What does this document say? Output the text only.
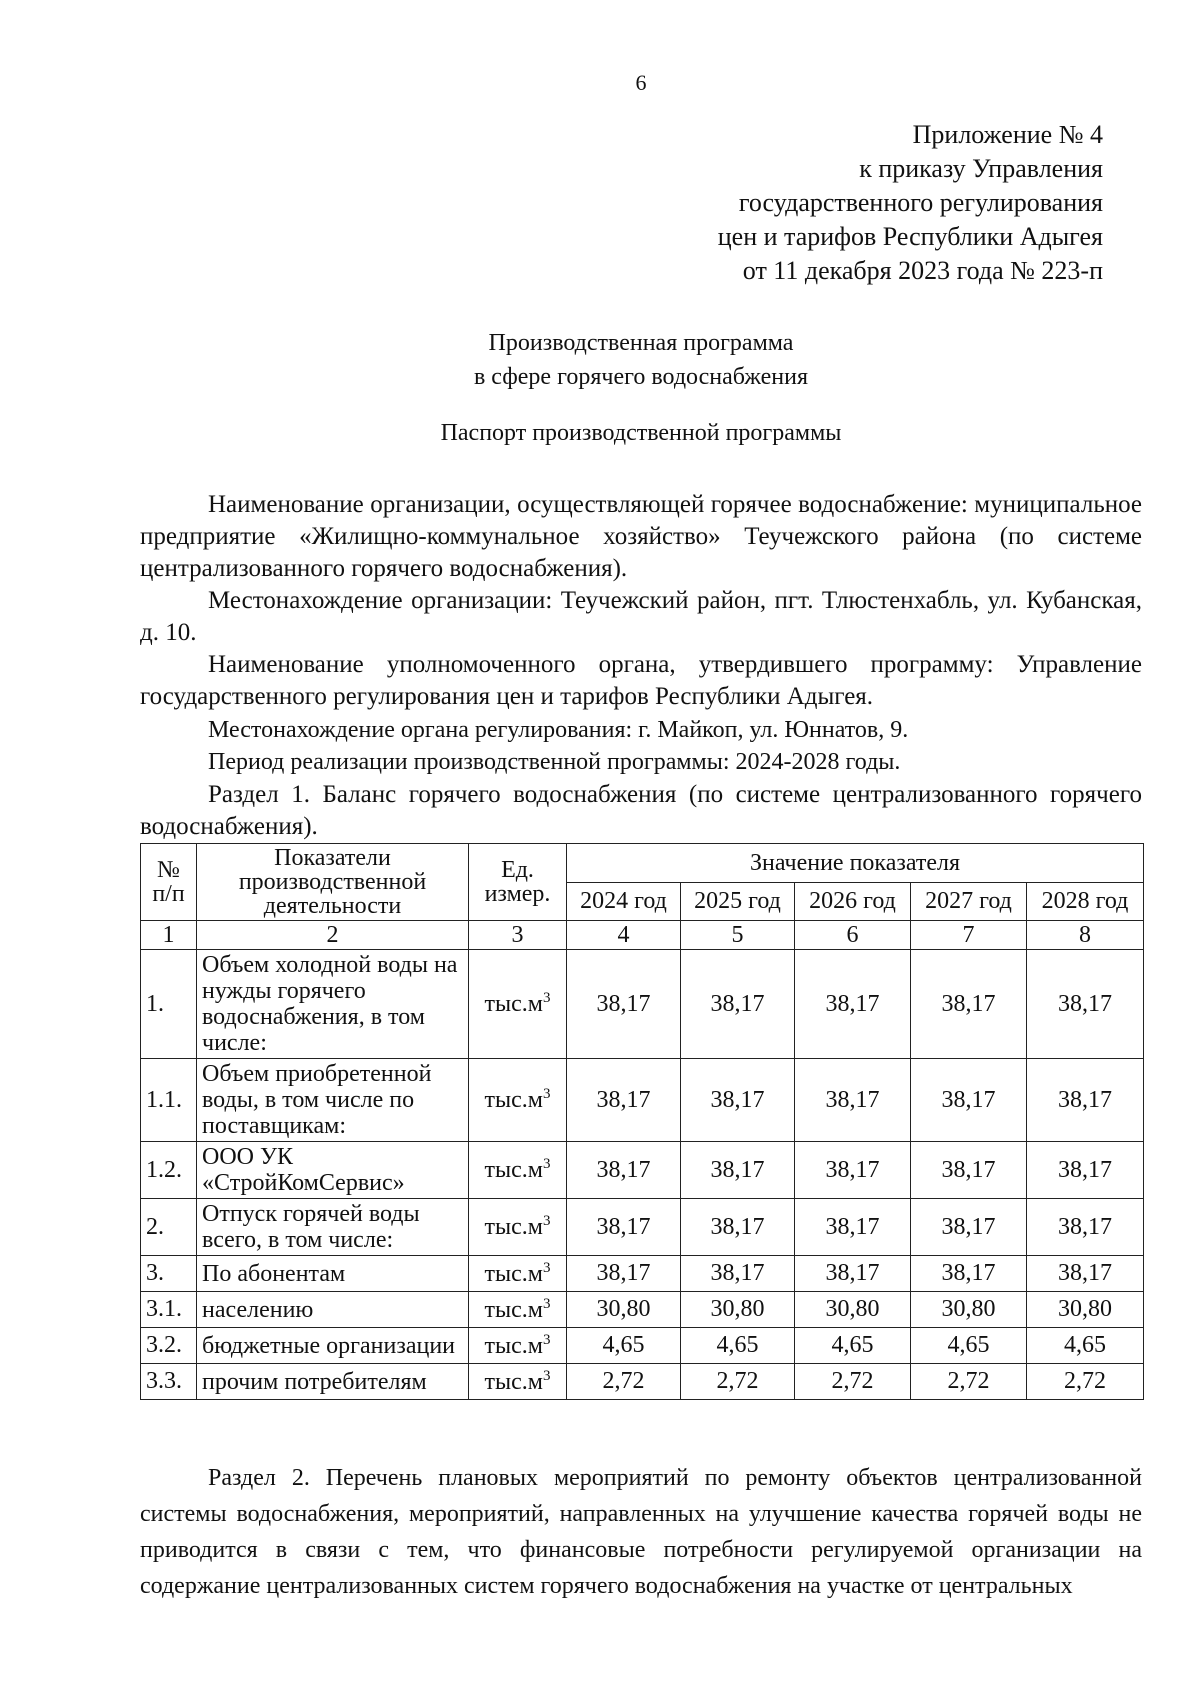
6
Приложение № 4
к приказу Управления
государственного регулирования
цен и тарифов Республики Адыгея
от 11 декабря 2023 года № 223-п
Производственная программа
в сфере горячего водоснабжения
Паспорт производственной программы

Наименование организации, осуществляющей горячее водоснабжение: муниципальное предприятие «Жилищно-коммунальное хозяйство» Теучежского района (по системе централизованного горячего водоснабжения).

Местонахождение организации: Теучежский район, пгт. Тлюстенхабль, ул. Кубанская, д. 10.

Наименование уполномоченного органа, утвердившего программу: Управление государственного регулирования цен и тарифов Республики Адыгея.

Местонахождение органа регулирования: г. Майкоп, ул. Юннатов, 9.

Период реализации производственной программы: 2024-2028 годы.

Раздел 1. Баланс горячего водоснабжения (по системе централизованного горячего водоснабжения).

№ п/п	Показатели производственной деятельности	Ед. измер.	Значение показателя				
			2024 год	2025 год	2026 год	2027 год	2028 год
1	2	3	4	5	6	7	8
1.	Объем холодной воды на нужды горячего водоснабжения, в том числе:	$тыс.м^3$	38,17	38,17	38,17	38,17	38,17
1.1.	Объем приобретенной воды, в том числе по поставщикам:	$тыс.м^3$	38,17	38,17	38,17	38,17	38,17
1.2.	ООО УК «СтройКомСервис»	$тыс.м^3$	38,17	38,17	38,17	38,17	38,17
2.	Отпуск горячей воды всего, в том числе:	$тыс.м^3$	38,17	38,17	38,17	38,17	38,17
3.	По абонентам	$тыс.м^3$	38,17	38,17	38,17	38,17	38,17
3.1.	населению	$тыс.м^3$	30,80	30,80	30,80	30,80	30,80
3.2.	бюджетные организации	$тыс.м^3$	4,65	4,65	4,65	4,65	4,65
3.3.	прочим потребителям	$тыс.м^3$	2,72	2,72	2,72	2,72	2,72

Раздел 2. Перечень плановых мероприятий по ремонту объектов централизованной системы водоснабжения, мероприятий, направленных на улучшение качества горячей воды не приводится в связи с тем, что финансовые потребности регулируемой организации на содержание централизованных систем горячего водоснабжения на участке от центральных
